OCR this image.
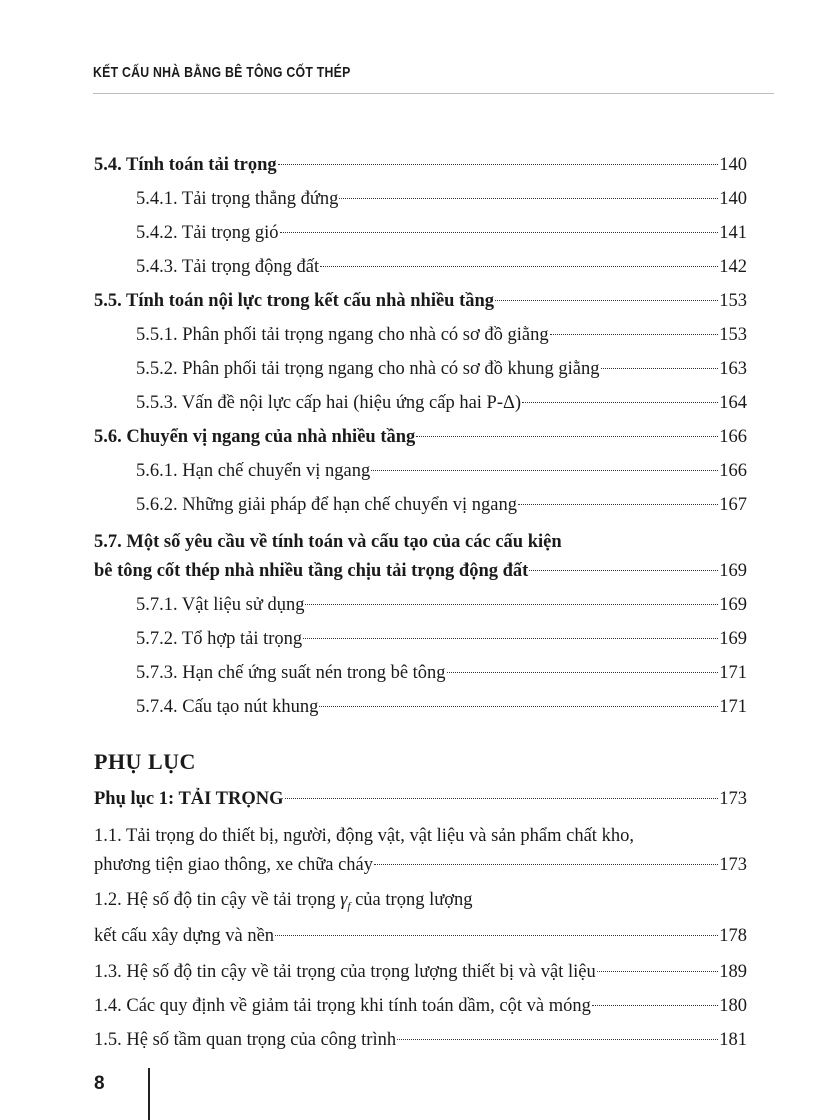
KẾT CẤU NHÀ BẰNG BÊ TÔNG CỐT THÉP
5.4. Tính toán tải trọng	140
5.4.1. Tải trọng thẳng đứng	140
5.4.2. Tải trọng gió	141
5.4.3. Tải trọng động đất	142
5.5. Tính toán nội lực trong kết cấu nhà nhiều tầng	153
5.5.1. Phân phối tải trọng ngang cho nhà có sơ đồ giằng	153
5.5.2. Phân phối tải trọng ngang cho nhà có sơ đồ khung giằng	163
5.5.3. Vấn đề nội lực cấp hai (hiệu ứng cấp hai P-Δ)	164
5.6. Chuyển vị ngang của nhà nhiều tầng	166
5.6.1. Hạn chế chuyển vị ngang	166
5.6.2. Những giải pháp để hạn chế chuyển vị ngang	167
5.7. Một số yêu cầu về tính toán và cấu tạo của các cấu kiện
bê tông cốt thép nhà nhiều tầng chịu tải trọng động đất	169
5.7.1. Vật liệu sử dụng	169
5.7.2. Tổ hợp tải trọng	169
5.7.3. Hạn chế ứng suất nén trong bê tông	171
5.7.4. Cấu tạo nút khung	171
PHỤ LỤC
Phụ lục 1: TẢI TRỌNG	173
1.1. Tải trọng do thiết bị, người, động vật, vật liệu và sản phẩm chất kho,
phương tiện giao thông, xe chữa cháy	173
1.2. Hệ số độ tin cậy về tải trọng $\gamma_f$ của trọng lượng
kết cấu xây dựng và nền	178
1.3. Hệ số độ tin cậy về tải trọng của trọng lượng thiết bị và vật liệu	189
1.4. Các quy định về giảm tải trọng khi tính toán dầm, cột và móng	180
1.5. Hệ số tầm quan trọng của công trình	181
8
